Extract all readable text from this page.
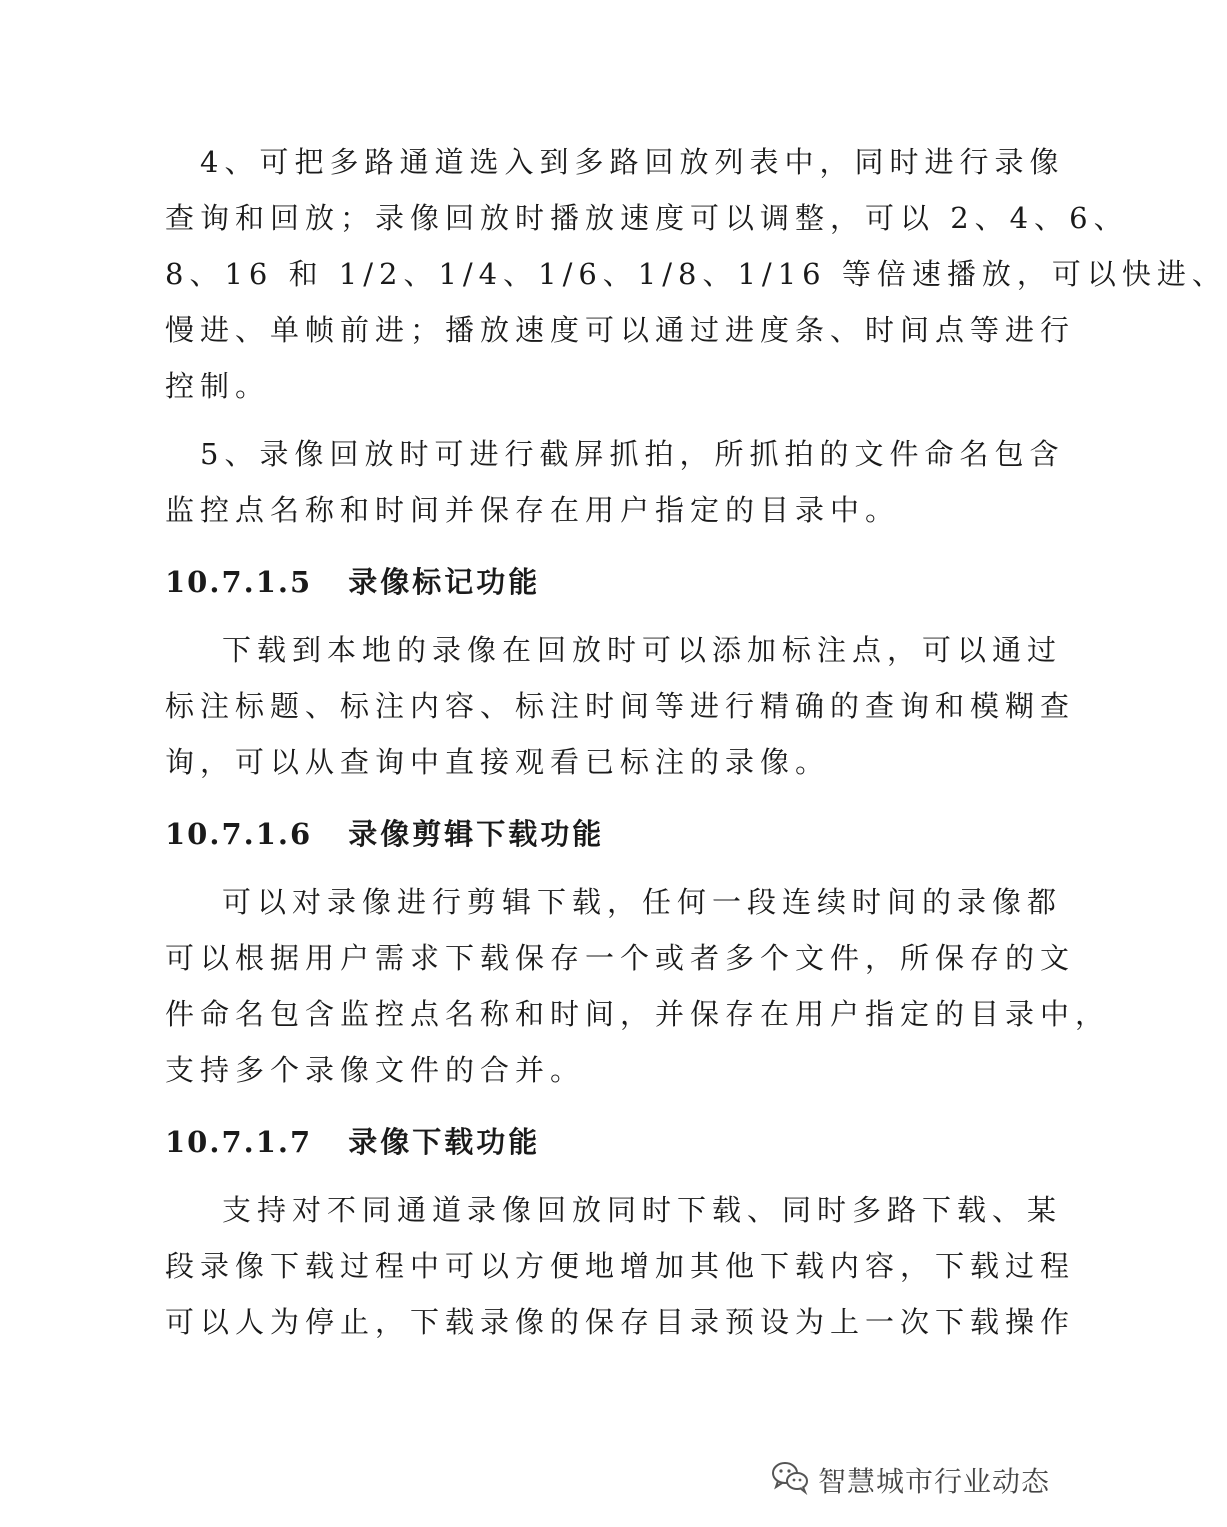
4、可把多路通道选入到多路回放列表中，同时进行录像
查询和回放；录像回放时播放速度可以调整，可以 2、4、6、
8、16 和 1/2、1/4、1/6、1/8、1/16 等倍速播放，可以快进、
慢进、单帧前进；播放速度可以通过进度条、时间点等进行
控制。
5、录像回放时可进行截屏抓拍，所抓拍的文件命名包含
监控点名称和时间并保存在用户指定的目录中。
10.7.1.5 录像标记功能
下载到本地的录像在回放时可以添加标注点，可以通过
标注标题、标注内容、标注时间等进行精确的查询和模糊查
询，可以从查询中直接观看已标注的录像。
10.7.1.6 录像剪辑下载功能
可以对录像进行剪辑下载，任何一段连续时间的录像都
可以根据用户需求下载保存一个或者多个文件，所保存的文
件命名包含监控点名称和时间，并保存在用户指定的目录中，
支持多个录像文件的合并。
10.7.1.7 录像下载功能
支持对不同通道录像回放同时下载、同时多路下载、某
段录像下载过程中可以方便地增加其他下载内容，下载过程
可以人为停止，下载录像的保存目录预设为上一次下载操作
智慧城市行业动态
